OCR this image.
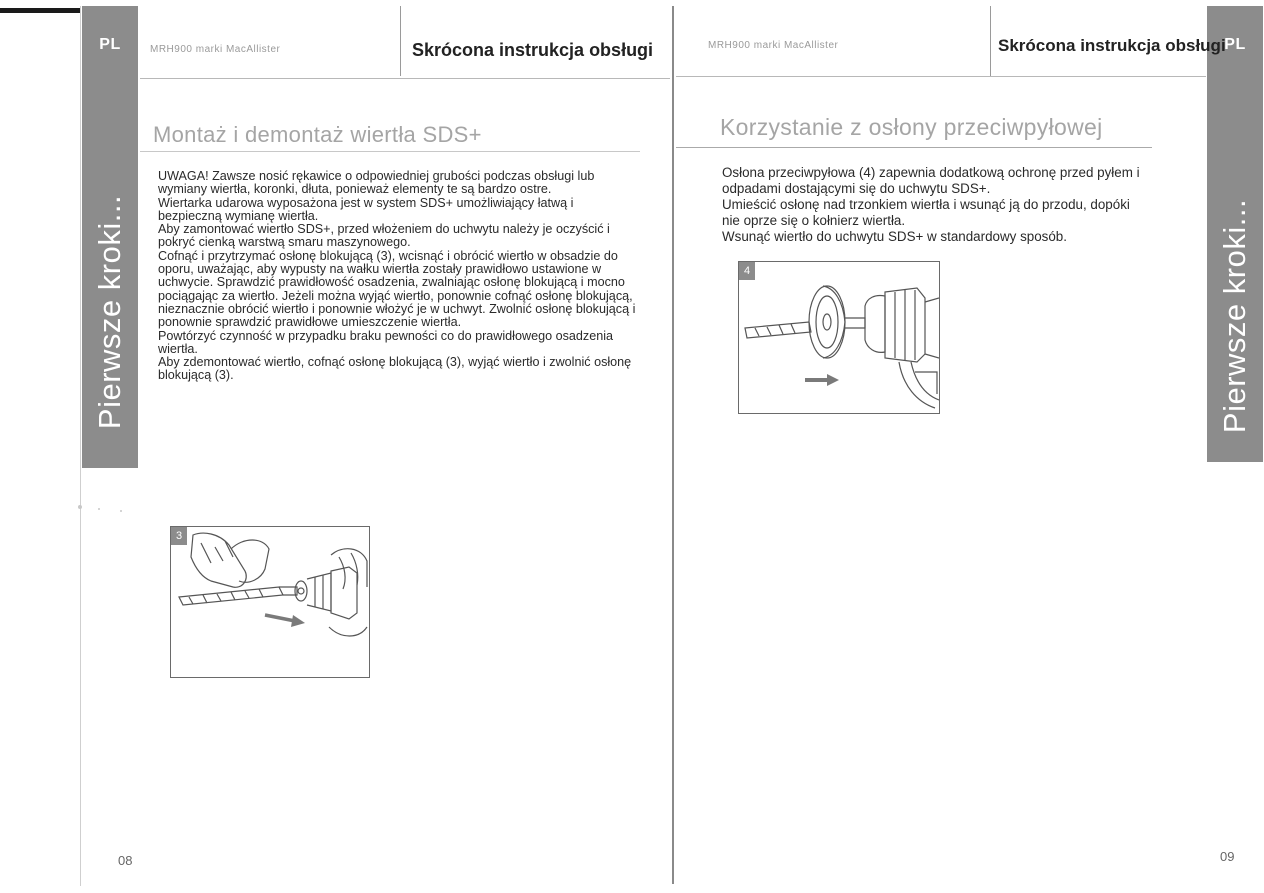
PL
Pierwsze kroki...
PL
Pierwsze kroki...
MRH900 marki MacAllister	Skrócona instrukcja obsługi
Montaż i demontaż wiertła SDS+

UWAGA! Zawsze nosić rękawice o odpowiedniej grubości podczas obsługi lub wymiany wiertła, koronki, dłuta, ponieważ elementy te są bardzo ostre.

Wiertarka udarowa wyposażona jest w system SDS+ umożliwiający łatwą i bezpieczną wymianę wiertła.

Aby zamontować wiertło SDS+, przed włożeniem do uchwytu należy je oczyścić i pokryć cienką warstwą smaru maszynowego.

Cofnąć i przytrzymać osłonę blokującą (3), wcisnąć i obrócić wiertło w obsadzie do oporu, uważając, aby wypusty na wałku wiertła zostały prawidłowo ustawione w uchwycie. Sprawdzić prawidłowość osadzenia, zwalniając osłonę blokującą i mocno pociągając za wiertło. Jeżeli można wyjąć wiertło, ponownie cofnąć osłonę blokującą, nieznacznie obrócić wiertło i ponownie włożyć je w uchwyt. Zwolnić osłonę blokującą i ponownie sprawdzić prawidłowe umieszczenie wiertła.

Powtórzyć czynność w przypadku braku pewności co do prawidłowego osadzenia wiertła.

Aby zdemontować wiertło, cofnąć osłonę blokującą (3), wyjąć wiertło i zwolnić osłonę blokującą (3).

3
08
MRH900 marki MacAllister	Skrócona instrukcja obsługi
Korzystanie z osłony przeciwpyłowej

Osłona przeciwpyłowa (4) zapewnia dodatkową ochronę przed pyłem i odpadami dostającymi się do uchwytu SDS+.

Umieścić osłonę nad trzonkiem wiertła i wsunąć ją do przodu, dopóki nie oprze się o kołnierz wiertła.

Wsunąć wiertło do uchwytu SDS+ w standardowy sposób.

4
09
